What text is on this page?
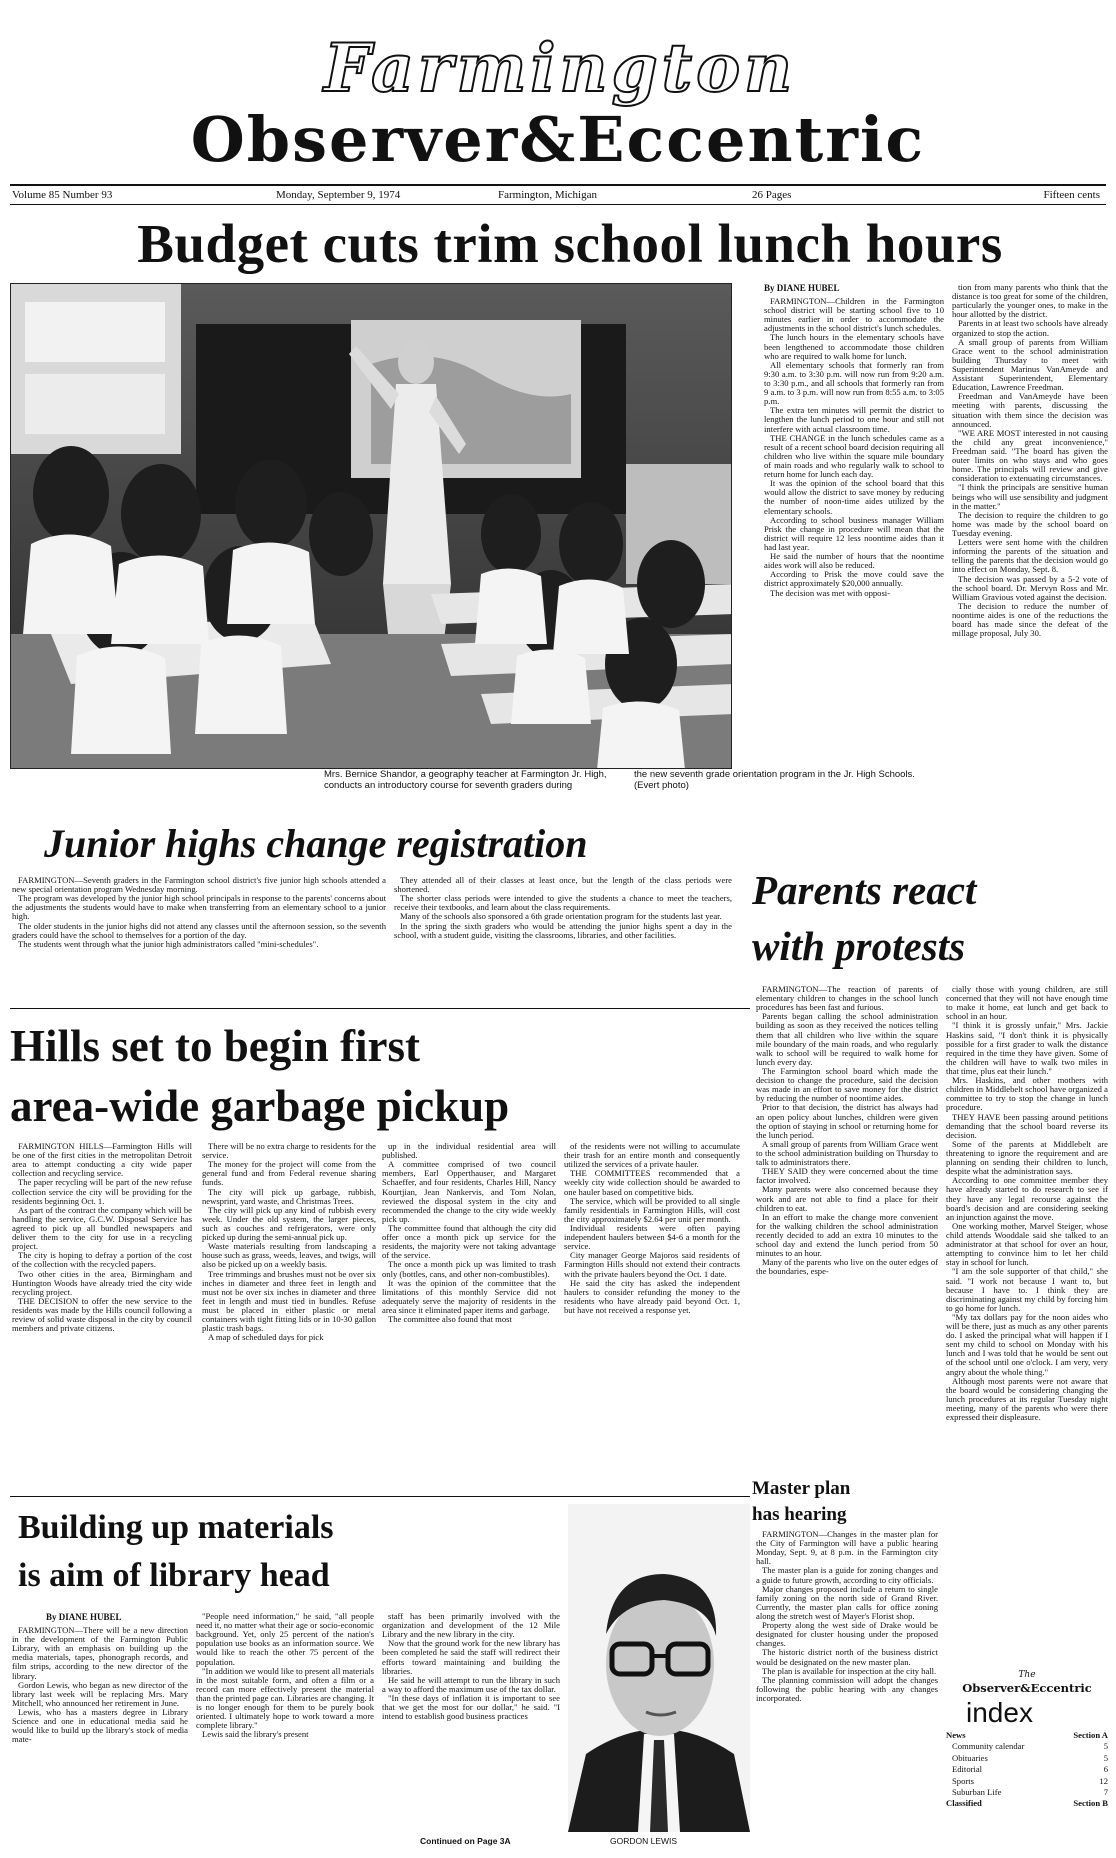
Farmington
Observer&Eccentric
Volume 85 Number 93	Monday, September 9, 1974	Farmington, Michigan	26 Pages	Fifteen cents
Budget cuts trim school lunch hours
Mrs. Bernice Shandor, a geography teacher at Farmington Jr. High, conducts an introductory course for seventh graders during
the new seventh grade orientation program in the Jr. High Schools. (Evert photo)
By DIANE HUBEL

FARMINGTON—Children in the Farmington school district will be starting school five to 10 minutes earlier in order to accommodate the adjustments in the school district's lunch schedules.

The lunch hours in the elementary schools have been lengthened to accommodate those children who are required to walk home for lunch.

All elementary schools that formerly ran from 9:30 a.m. to 3:30 p.m. will now run from 9:20 a.m. to 3:30 p.m., and all schools that formerly ran from 9 a.m. to 3 p.m. will now run from 8:55 a.m. to 3:05 p.m.

The extra ten minutes will permit the district to lengthen the lunch period to one hour and still not interfere with actual classroom time.

THE CHANGE in the lunch schedules came as a result of a recent school board decision requiring all children who live within the square mile boundary of main roads and who regularly walk to school to return home for lunch each day.

It was the opinion of the school board that this would allow the district to save money by reducing the number of noon-time aides utilized by the elementary schools.

According to school business manager William Prisk the change in procedure will mean that the district will require 12 less noontime aides than it had last year.

He said the number of hours that the noontime aides work will also be reduced.

According to Prisk the move could save the district approximately $20,000 annually.

The decision was met with opposi-

tion from many parents who think that the distance is too great for some of the children, particularly the younger ones, to make in the hour allotted by the district.

Parents in at least two schools have already organized to stop the action.

A small group of parents from William Grace went to the school administration building Thursday to meet with Superintendent Marinus VanAmeyde and Assistant Superintendent, Elementary Education, Lawrence Freedman.

Freedman and VanAmeyde have been meeting with parents, discussing the situation with them since the decision was announced.

"WE ARE MOST interested in not causing the child any great inconvenience," Freedman said. "The board has given the outer limits on who stays and who goes home. The principals will review and give consideration to extenuating circumstances.

"I think the principals are sensitive human beings who will use sensibility and judgment in the matter."

The decision to require the children to go home was made by the school board on Tuesday evening.

Letters were sent home with the children informing the parents of the situation and telling the parents that the decision would go into effect on Monday, Sept. 8.

The decision was passed by a 5-2 vote of the school board. Dr. Mervyn Ross and Mr. William Gravious voted against the decision.

The decision to reduce the number of noontime aides is one of the reductions the board has made since the defeat of the millage proposal, July 30.

Junior highs change registration

FARMINGTON—Seventh graders in the Farmington school district's five junior high schools attended a new special orientation program Wednesday morning.

The program was developed by the junior high school principals in response to the parents' concerns about the adjustments the students would have to make when transferring from an elementary school to a junior high.

The older students in the junior highs did not attend any classes until the afternoon session, so the seventh graders could have the school to themselves for a portion of the day.

The students went through what the junior high administrators called "mini-schedules".

They attended all of their classes at least once, but the length of the class periods were shortened.

The shorter class periods were intended to give the students a chance to meet the teachers, receive their textbooks, and learn about the class requirements.

Many of the schools also sponsored a 6th grade orientation program for the students last year.

In the spring the sixth graders who would be attending the junior highs spent a day in the school, with a student guide, visiting the classrooms, libraries, and other facilities.

Parents react
with protests

FARMINGTON—The reaction of parents of elementary children to changes in the school lunch procedures has been fast and furious.

Parents began calling the school administration building as soon as they received the notices telling them that all children who live within the square mile boundary of the main roads, and who regularly walk to school will be required to walk home for lunch every day.

The Farmington school board which made the decision to change the procedure, said the decision was made in an effort to save money for the district by reducing the number of noontime aides.

Prior to that decision, the district has always had an open policy about lunches, children were given the option of staying in school or returning home for the lunch period.

A small group of parents from William Grace went to the school administration building on Thursday to talk to administrators there.

THEY SAID they were concerned about the time factor involved.

Many parents were also concerned because they work and are not able to find a place for their children to eat.

In an effort to make the change more convenient for the walking children the school administration recently decided to add an extra 10 minutes to the school day and extend the lunch period from 50 minutes to an hour.

Many of the parents who live on the outer edges of the boundaries, espe-

cially those with young children, are still concerned that they will not have enough time to make it home, eat lunch and get back to school in an hour.

"I think it is grossly unfair," Mrs. Jackie Haskins said, "I don't think it is physically possible for a first grader to walk the distance required in the time they have given. Some of the children will have to walk two miles in that time, plus eat their lunch."

Mrs. Haskins, and other mothers with children in Middlebelt school have organized a committee to try to stop the change in lunch procedure.

THEY HAVE been passing around petitions demanding that the school board reverse its decision.

Some of the parents at Middlebelt are threatening to ignore the requirement and are planning on sending their children to lunch, despite what the administration says.

According to one committee member they have already started to do research to see if they have any legal recourse against the board's decision and are considering seeking an injunction against the move.

One working mother, Marvel Steiger, whose child attends Wooddale said she talked to an administrator at that school for over an hour, attempting to convince him to let her child stay in school for lunch.

"I am the sole supporter of that child," she said. "I work not because I want to, but because I have to. I think they are discriminating against my child by forcing him to go home for lunch.

"My tax dollars pay for the noon aides who will be there, just as much as any other parents do. I asked the principal what will happen if I sent my child to school on Monday with his lunch and I was told that he would be sent out of the school until one o'clock. I am very, very angry about the whole thing."

Although most parents were not aware that the board would be considering changing the lunch procedures at its regular Tuesday night meeting, many of the parents who were there expressed their displeasure.

Hills set to begin first
area-wide garbage pickup

FARMINGTON HILLS—Farmington Hills will be one of the first cities in the metropolitan Detroit area to attempt conducting a city wide paper collection and recycling service.

The paper recycling will be part of the new refuse collection service the city will be providing for the residents beginning Oct. 1.

As part of the contract the company which will be handling the service, G.C.W. Disposal Service has agreed to pick up all bundled newspapers and deliver them to the city for use in a recycling project.

The city is hoping to defray a portion of the cost of the collection with the recycled papers.

Two other cities in the area, Birmingham and Huntington Woods have already tried the city wide recycling project.

THE DECISION to offer the new service to the residents was made by the Hills council following a review of solid waste disposal in the city by council members and private citizens.

There will be no extra charge to residents for the service.

The money for the project will come from the general fund and from Federal revenue sharing funds.

The city will pick up garbage, rubbish, newsprint, yard waste, and Christmas Trees.

The city will pick up any kind of rubbish every week. Under the old system, the larger pieces, such as couches and refrigerators, were only picked up during the semi-annual pick up.

Waste materials resulting from landscaping a house such as grass, weeds, leaves, and twigs, will also be picked up on a weekly basis.

Tree trimmings and brushes must not be over six inches in diameter and three feet in length and must not be over six inches in diameter and three feet in length and must tied in bundles. Refuse must be placed in either plastic or metal containers with tight fitting lids or in 10-30 gallon plastic trash bags.

A map of scheduled days for pick

up in the individual residential area will published.

A committee comprised of two council members, Earl Opperthauser, and Margaret Schaeffer, and four residents, Charles Hill, Nancy Kourtjian, Jean Nankervis, and Tom Nolan, reviewed the disposal system in the city and recommended the change to the city wide weekly pick up.

The committee found that although the city did offer once a month pick up service for the residents, the majority were not taking advantage of the service.

The once a month pick up was limited to trash only (bottles, cans, and other non-combustibles).

It was the opinion of the committee that the limitations of this monthly Service did not adequately serve the majority of residents in the area since it eliminated paper items and garbage.

The committee also found that most

of the residents were not willing to accumulate their trash for an entire month and consequently utilized the services of a private hauler.

THE COMMITTEES recommended that a weekly city wide collection should be awarded to one hauler based on competitive bids.

The service, which will be provided to all single family residentials in Farmington Hills, will cost the city approximately $2.64 per unit per month.

Individual residents were often paying independent haulers between $4-6 a month for the service.

City manager George Majoros said residents of Farmington Hills should not extend their contracts with the private haulers beyond the Oct. 1 date.

He said the city has asked the independent haulers to consider refunding the money to the residents who have already paid beyond Oct. 1, but have not received a response yet.

Building up materials
is aim of library head
By DIANE HUBEL

FARMINGTON—There will be a new direction in the development of the Farmington Public Library, with an emphasis on building up the media materials, tapes, phonograph records, and film strips, according to the new director of the library.

Gordon Lewis, who began as new director of the library last week will be replacing Mrs. Mary Mitchell, who announced her retirement in June.

Lewis, who has a masters degree in Library Science and one in educational media said he would like to build up the library's stock of media mate-

"People need information," he said, "all people need it, no matter what their age or socio-economic background. Yet, only 25 percent of the nation's population use books as an information source. We would like to reach the other 75 percent of the population.

"In addition we would like to present all materials in the most suitable form, and often a film or a record can more effectively present the material than the printed page can. Libraries are changing. It is no longer enough for them to be purely book oriented. I ultimately hope to work toward a more complete library."

Lewis said the library's present

staff has been primarily involved with the organization and development of the 12 Mile Library and the new library in the city.

Now that the ground work for the new library has been completed he said the staff will redirect their efforts toward maintaining and building the libraries.

He said he will attempt to run the library in such a way to afford the maximum use of the tax dollar.

"In these days of inflation it is important to see that we get the most for our dollar," he said. "I intend to establish good business practices

Continued on Page 3A	GORDON LEWIS
Master plan
has hearing

FARMINGTON—Changes in the master plan for the City of Farmington will have a public hearing Monday, Sept. 9, at 8 p.m. in the Farmington city hall.

The master plan is a guide for zoning changes and a guide to future growth, according to city officials.

Major changes proposed include a return to single family zoning on the north side of Grand River. Currently, the master plan calls for office zoning along the stretch west of Mayer's Florist shop.

Property along the west side of Drake would be designated for cluster housing under the proposed changes.

The historic district north of the business district would be designated on the new master plan.

The plan is available for inspection at the city hall.

The planning commission will adopt the changes following the public hearing with any changes incorporated.

The
Observer&Eccentric
index
News	Section A
Community calendar	5
Obituaries	5
Editorial	6
Sports	12
Suburban Life	7
Classified	Section B
